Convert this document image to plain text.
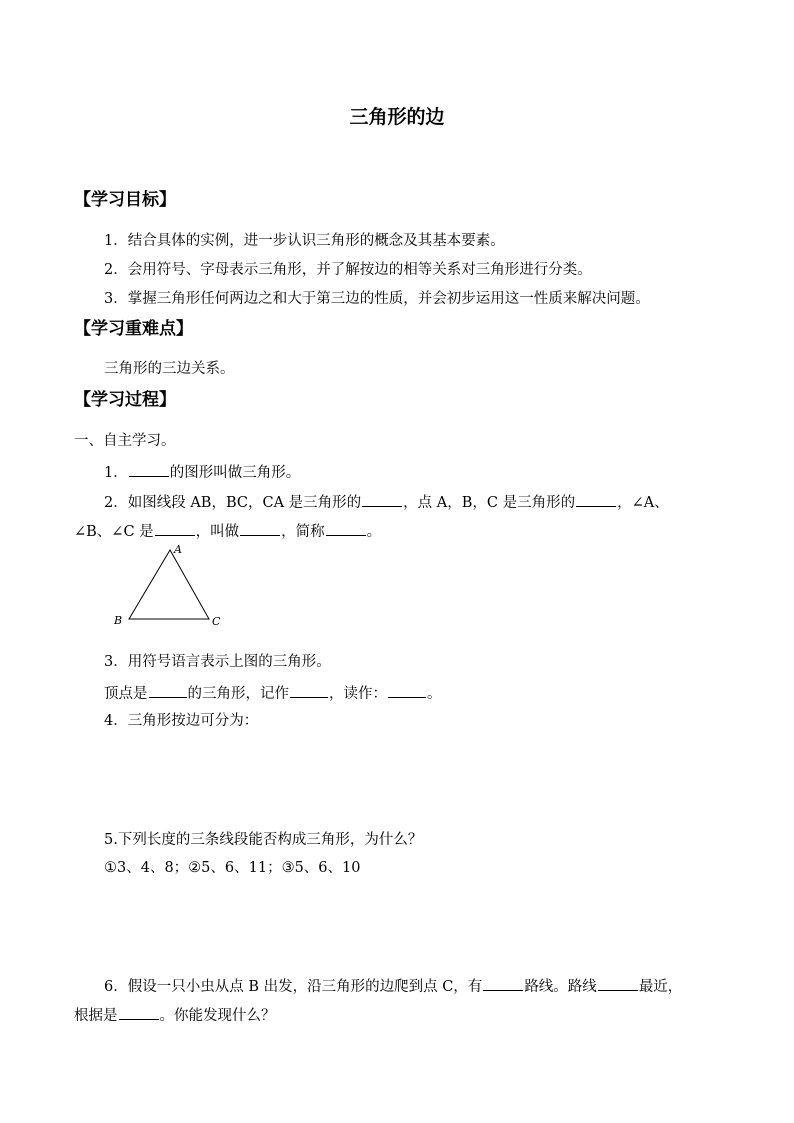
三角形的边
【学习目标】
1．结合具体的实例，进一步认识三角形的概念及其基本要素。
2．会用符号、字母表示三角形，并了解按边的相等关系对三角形进行分类。
3．掌握三角形任何两边之和大于第三边的性质，并会初步运用这一性质来解决问题。
【学习重难点】
三角形的三边关系。
【学习过程】
一、自主学习。
1．	的图形叫做三角形。
2．如图线段 AB，BC，CA 是三角形的	，点 A，B，C 是三角形的	，∠A、
∠B、∠C 是	，叫做	，简称	。
A
B	C
3．用符号语言表示上图的三角形。
顶点是	的三角形，记作	，读作：	。
4．三角形按边可分为：
5.下列长度的三条线段能否构成三角形，为什么？
①3、4、8；②5、6、11；③5、6、10
6．假设一只小虫从点 B 出发，沿三角形的边爬到点 C，有	路线。路线	最近，
根据是	。你能发现什么？
